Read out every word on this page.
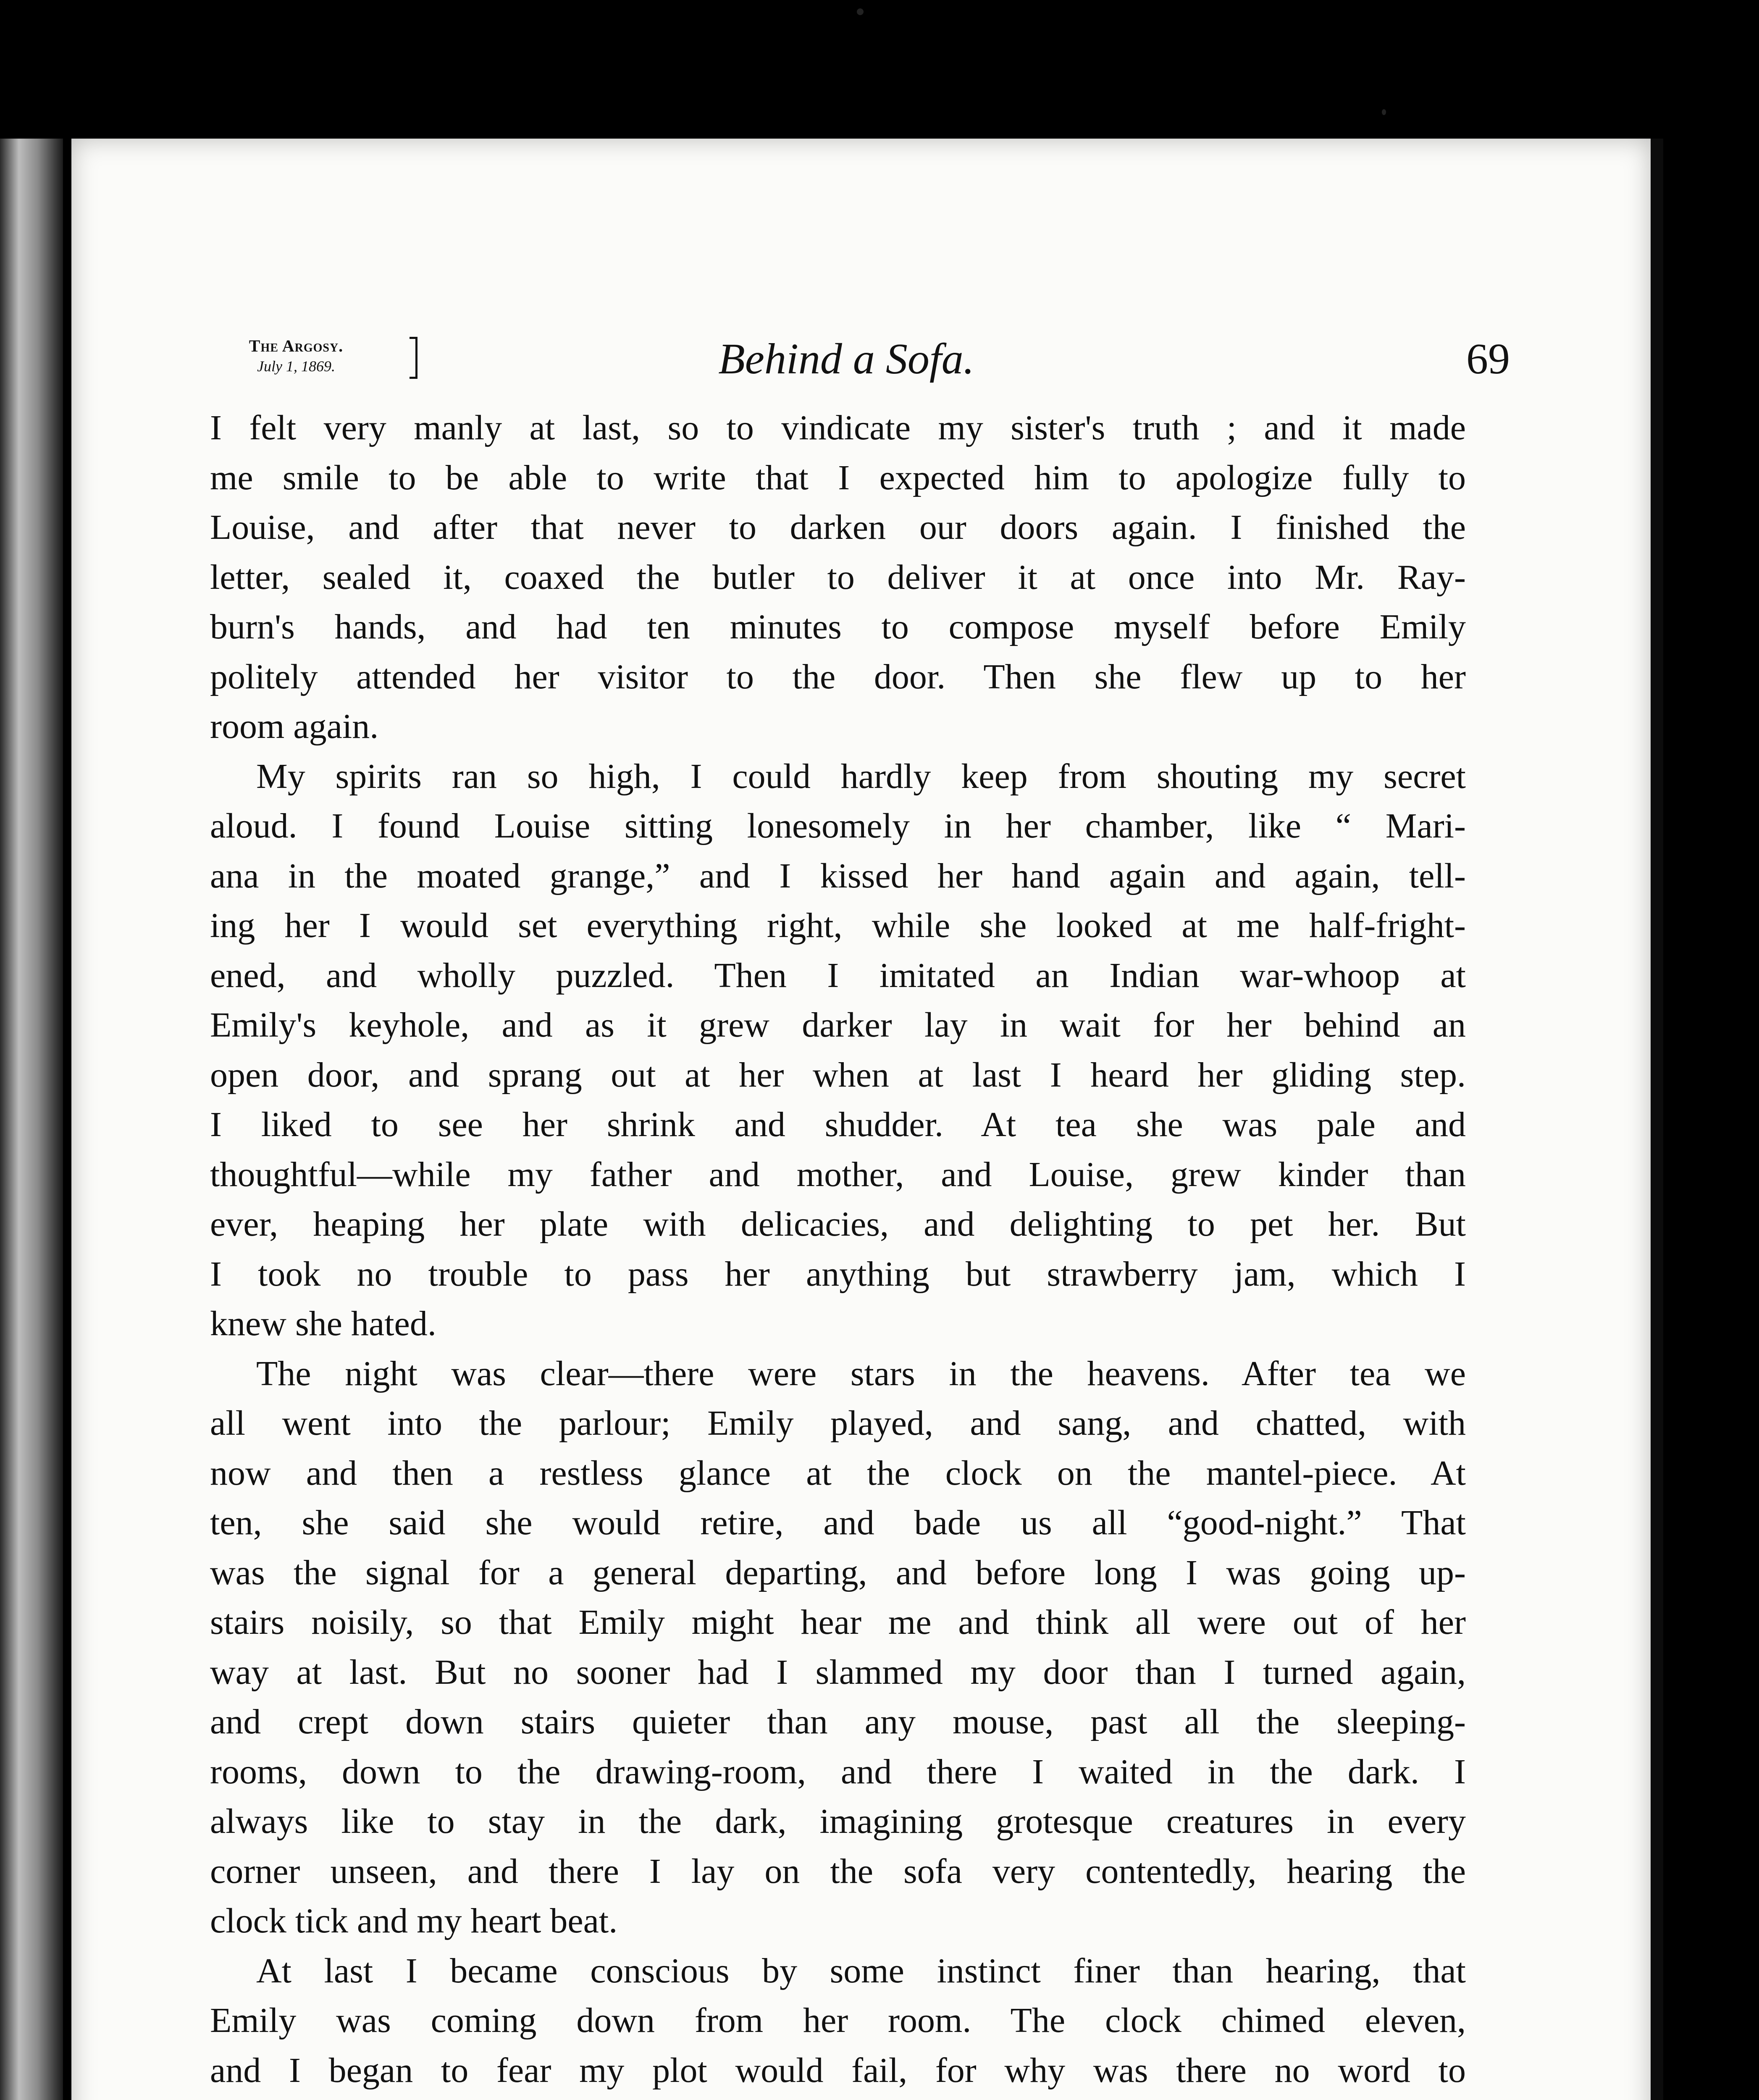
The Argosy.
July 1, 1869.	Behind a Sofa.	69

I felt very manly at last, so to vindicate my sister's truth ; and it made
me smile to be able to write that I expected him to apologize fully to
Louise, and after that never to darken our doors again. I finished the
letter, sealed it, coaxed the butler to deliver it at once into Mr. Ray-
burn's hands, and had ten minutes to compose myself before Emily
politely attended her visitor to the door. Then she flew up to her
room again.

My spirits ran so high, I could hardly keep from shouting my secret
aloud. I found Louise sitting lonesomely in her chamber, like “ Mari-
ana in the moated grange,” and I kissed her hand again and again, tell-
ing her I would set everything right, while she looked at me half-fright-
ened, and wholly puzzled. Then I imitated an Indian war-whoop at
Emily's keyhole, and as it grew darker lay in wait for her behind an
open door, and sprang out at her when at last I heard her gliding step.
I liked to see her shrink and shudder. At tea she was pale and
thoughtful—while my father and mother, and Louise, grew kinder than
ever, heaping her plate with delicacies, and delighting to pet her. But
I took no trouble to pass her anything but strawberry jam, which I
knew she hated.

The night was clear—there were stars in the heavens. After tea we
all went into the parlour; Emily played, and sang, and chatted, with
now and then a restless glance at the clock on the mantel-piece. At
ten, she said she would retire, and bade us all “good-night.” That
was the signal for a general departing, and before long I was going up-
stairs noisily, so that Emily might hear me and think all were out of her
way at last. But no sooner had I slammed my door than I turned again,
and crept down stairs quieter than any mouse, past all the sleeping-
rooms, down to the drawing-room, and there I waited in the dark. I
always like to stay in the dark, imagining grotesque creatures in every
corner unseen, and there I lay on the sofa very contentedly, hearing the
clock tick and my heart beat.

At last I became conscious by some instinct finer than hearing, that
Emily was coming down from her room. The clock chimed eleven,
and I began to fear my plot would fail, for why was there no word to
